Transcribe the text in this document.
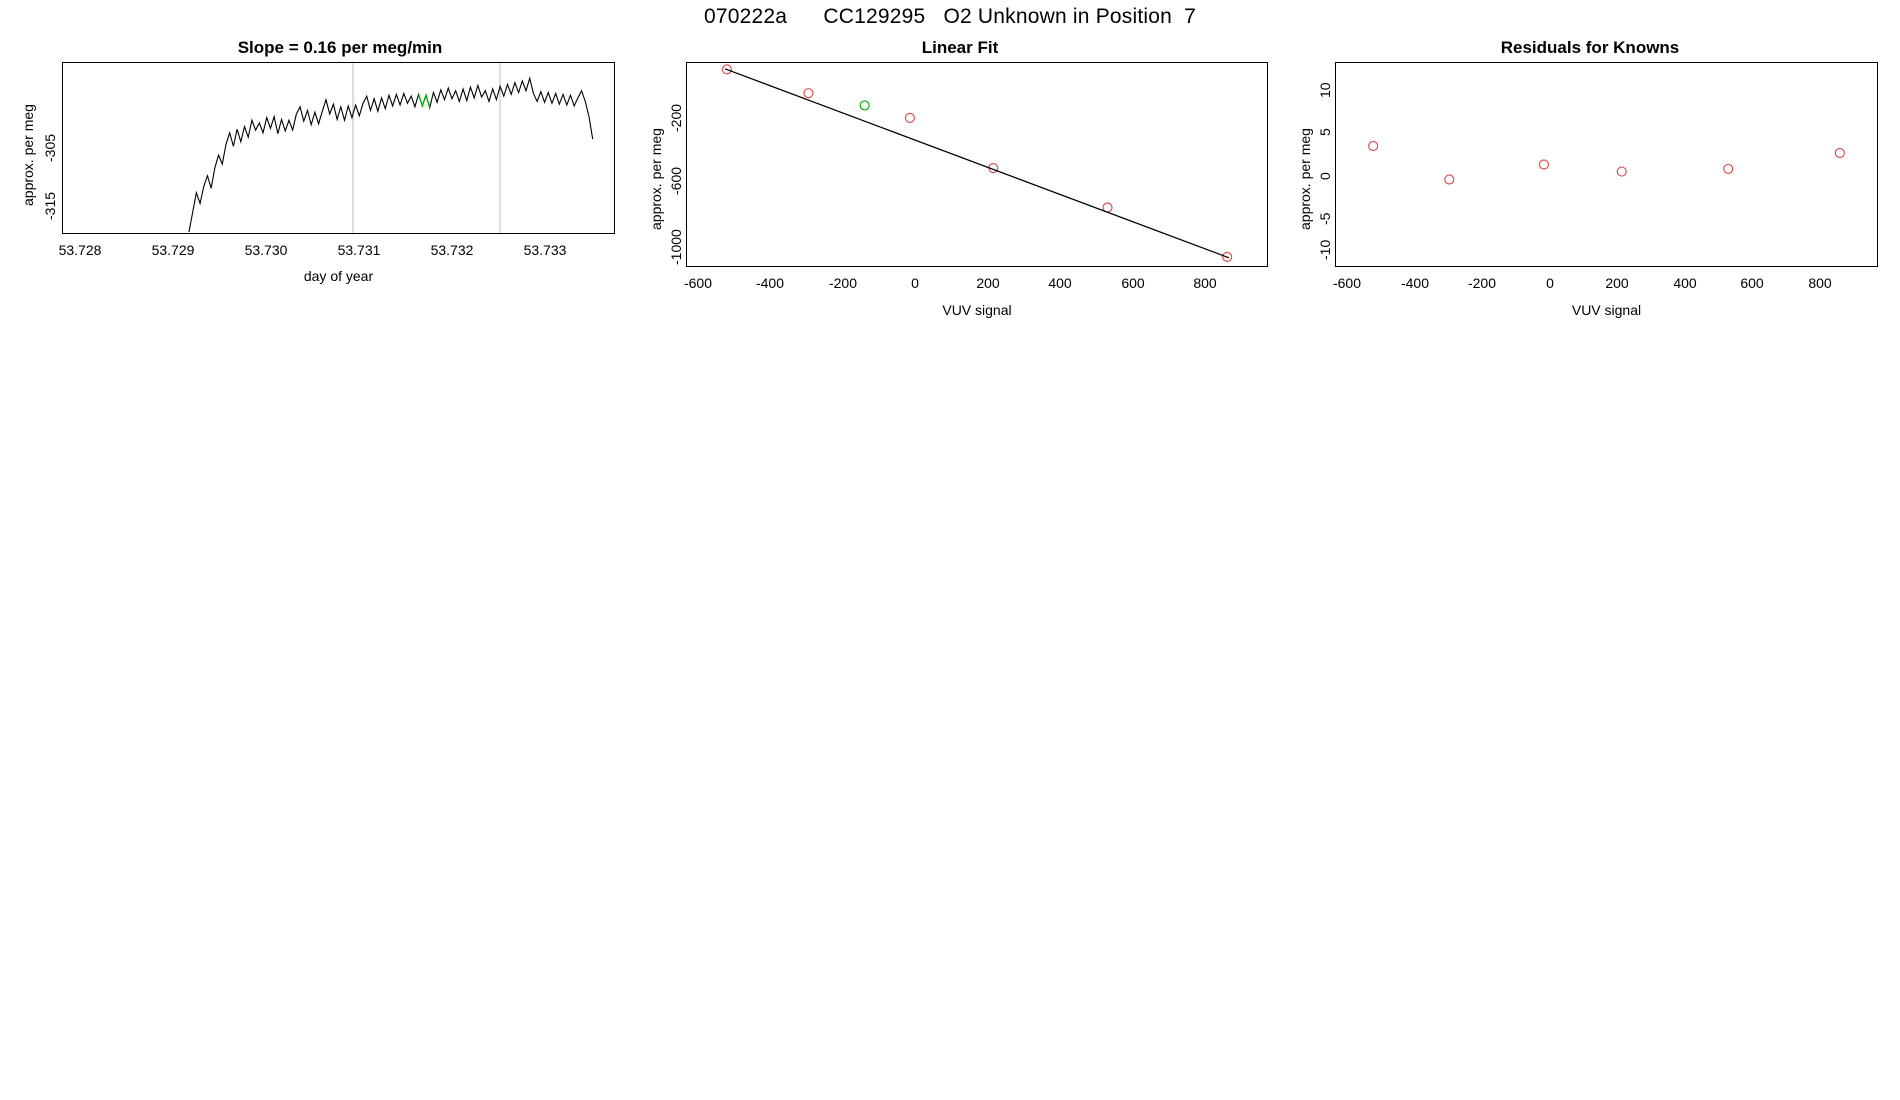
070222a      CC129295   O2 Unknown in Position  7
Slope = 0.16 per meg/min
-315
-305
approx. per meg
53.728	53.729	53.730	53.731	53.732	53.733
day of year
Linear Fit
-1000
-600
-200
approx. per meg
-600	-400	-200	0	200	400	600	800
VUV signal
Residuals for Knowns
-10
-5
0
5
10
approx. per meg
-600	-400	-200	0	200	400	600	800
VUV signal
